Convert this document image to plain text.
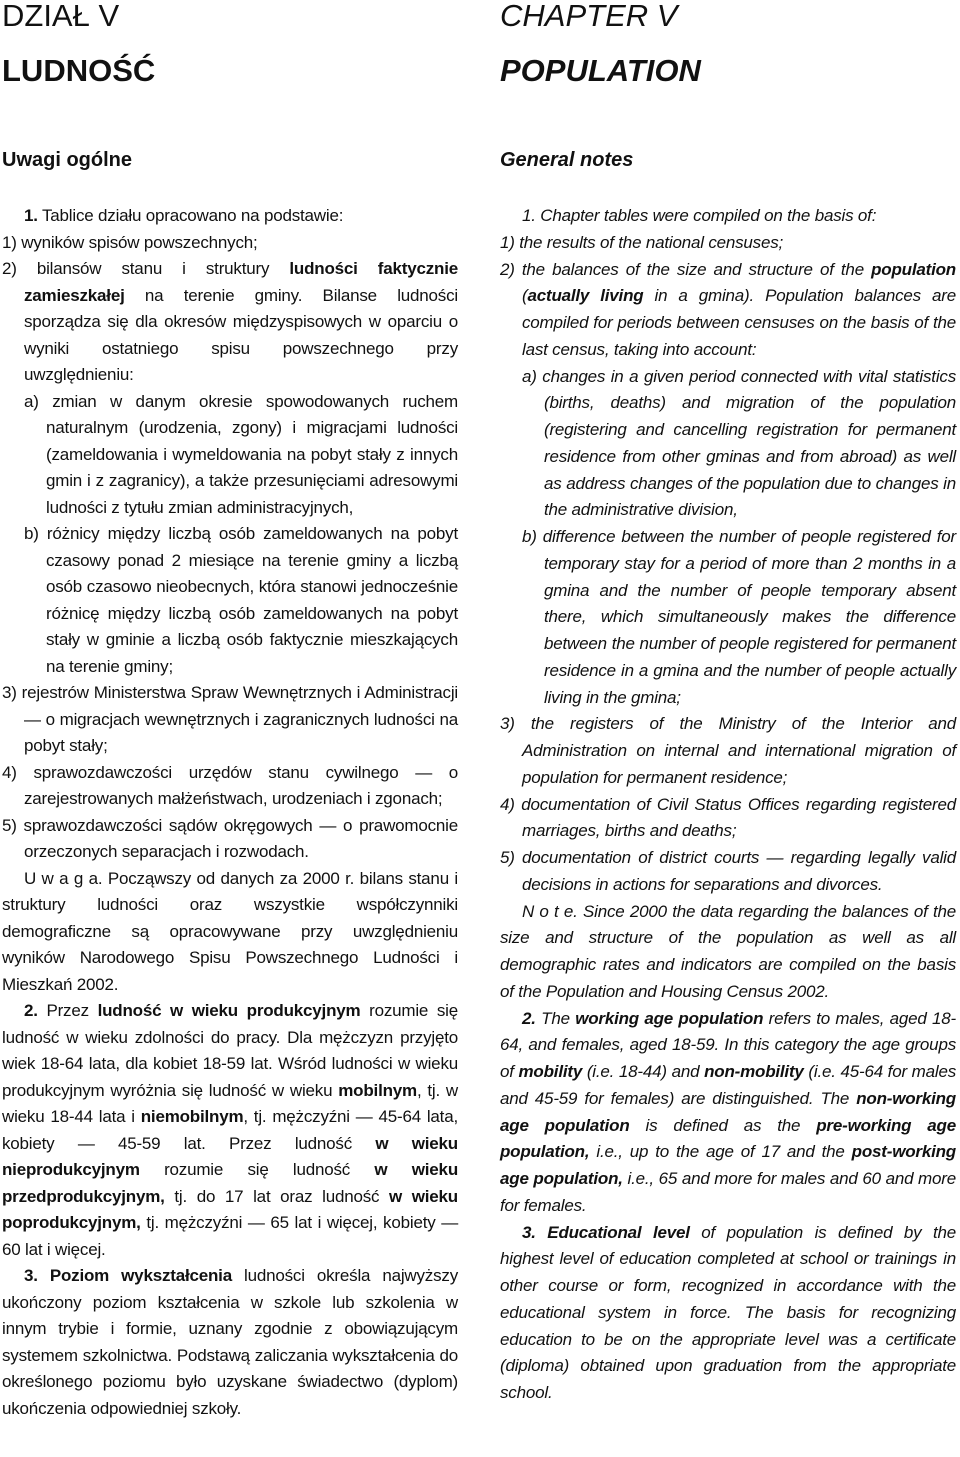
DZIAŁ V
LUDNOŚĆ
Uwagi ogólne

1. Tablice działu opracowano na podstawie:

1) wyników spisów powszechnych;

2) bilansów stanu i struktury ludności faktycznie zamieszkałej na terenie gminy. Bilanse ludności sporządza się dla okresów międzyspisowych w oparciu o wyniki ostatniego spisu powszechnego przy uwzględnieniu:

a) zmian w danym okresie spowodowanych ruchem naturalnym (urodzenia, zgony) i migracjami ludności (zameldowania i wymeldowania na pobyt stały z innych gmin i z zagranicy), a także przesunięciami adresowymi ludności z tytułu zmian administracyjnych,

b) różnicy między liczbą osób zameldowanych na pobyt czasowy ponad 2 miesiące na terenie gminy a liczbą osób czasowo nieobecnych, która stanowi jednocześnie różnicę między liczbą osób zameldowanych na pobyt stały w gminie a liczbą osób faktycznie mieszkających na terenie gminy;

3) rejestrów Ministerstwa Spraw Wewnętrznych i Administracji — o migracjach wewnętrznych i zagranicznych ludności na pobyt stały;

4) sprawozdawczości urzędów stanu cywilnego — o zarejestrowanych małżeństwach, urodzeniach i zgonach;

5) sprawozdawczości sądów okręgowych — o prawomocnie orzeczonych separacjach i rozwodach.

U w a g a. Począwszy od danych za 2000 r. bilans stanu i struktury ludności oraz wszystkie współczynniki demograficzne są opracowywane przy uwzględnieniu wyników Narodowego Spisu Powszechnego Ludności i Mieszkań 2002.

2. Przez ludność w wieku produkcyjnym rozumie się ludność w wieku zdolności do pracy. Dla mężczyzn przyjęto wiek 18-64 lata, dla kobiet 18-59 lat. Wśród ludności w wieku produkcyjnym wyróżnia się ludność w wieku mobilnym, tj. w wieku 18-44 lata i niemobilnym, tj. mężczyźni — 45-64 lata, kobiety — 45-59 lat. Przez ludność w wieku nieprodukcyjnym rozumie się ludność w wieku przedprodukcyjnym, tj. do 17 lat oraz ludność w wieku poprodukcyjnym, tj. mężczyźni — 65 lat i więcej, kobiety — 60 lat i więcej.

3. Poziom wykształcenia ludności określa najwyższy ukończony poziom kształcenia w szkole lub szkolenia w innym trybie i formie, uznany zgodnie z obowiązującym systemem szkolnictwa. Podstawą zaliczania wykształcenia do określonego poziomu było uzyskane świadectwo (dyplom) ukończenia odpowiedniej szkoły.

CHAPTER V
POPULATION
General notes

1. Chapter tables were compiled on the basis of:

1) the results of the national censuses;

2) the balances of the size and structure of the population (actually living in a gmina). Population balances are compiled for periods between censuses on the basis of the last census, taking into account:

a) changes in a given period connected with vital statistics (births, deaths) and migration of the population (registering and cancelling registration for permanent residence from other gminas and from abroad) as well as address changes of the population due to changes in the administrative division,

b) difference between the number of people registered for temporary stay for a period of more than 2 months in a gmina and the number of people temporary absent there, which simultaneously makes the difference between the number of people registered for permanent residence in a gmina and the number of people actually living in the gmina;

3) the registers of the Ministry of the Interior and Administration on internal and international migration of population for permanent residence;

4) documentation of Civil Status Offices regarding registered marriages, births and deaths;

5) documentation of district courts — regarding legally valid decisions in actions for separations and divorces.

N o t e. Since 2000 the data regarding the balances of the size and structure of the population as well as all demographic rates and indicators are compiled on the basis of the Population and Housing Census 2002.

2. The working age population refers to males, aged 18-64, and females, aged 18-59. In this category the age groups of mobility (i.e. 18-44) and non-mobility (i.e. 45-64 for males and 45-59 for females) are distinguished. The non-working age population is defined as the pre-working age population, i.e., up to the age of 17 and the post-working age population, i.e., 65 and more for males and 60 and more for females.

3. Educational level of population is defined by the highest level of education completed at school or trainings in other course or form, recognized in accordance with the educational system in force. The basis for recognizing education to be on the appropriate level was a certificate (diploma) obtained upon graduation from the appropriate school.
